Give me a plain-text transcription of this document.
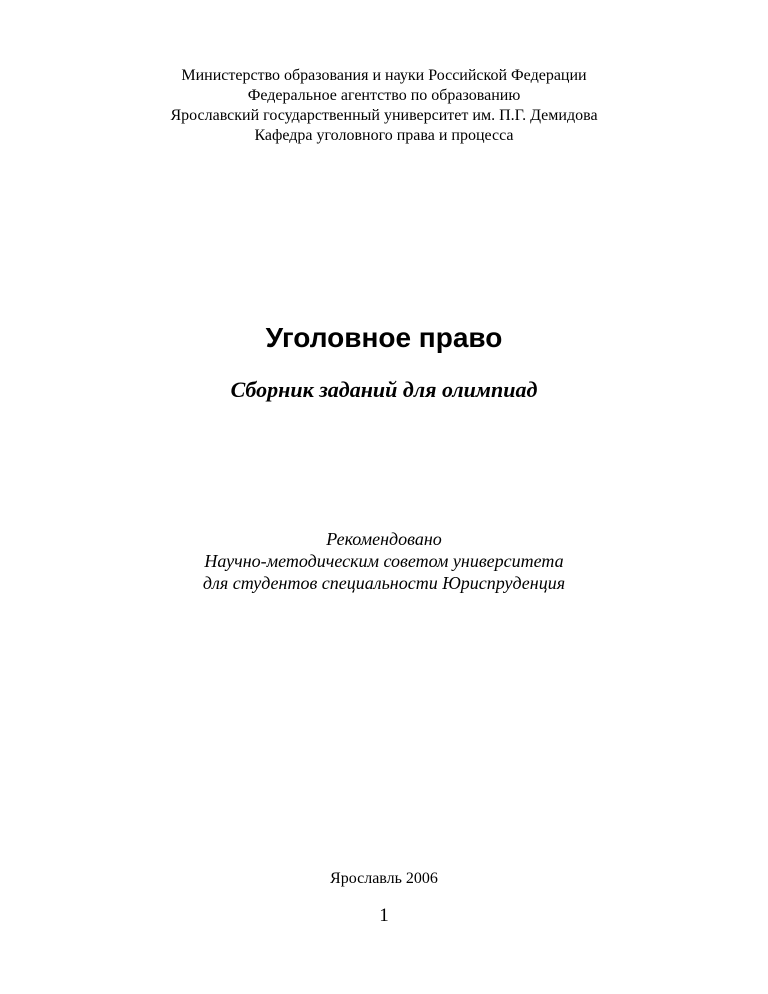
Министерство образования и науки Российской Федерации
Федеральное агентство по образованию
Ярославский государственный университет им. П.Г. Демидова
Кафедра уголовного права и процесса
Уголовное право
Сборник заданий для олимпиад
Рекомендовано
Научно-методическим советом университета
для студентов специальности Юриспруденция
Ярославль 2006
1
